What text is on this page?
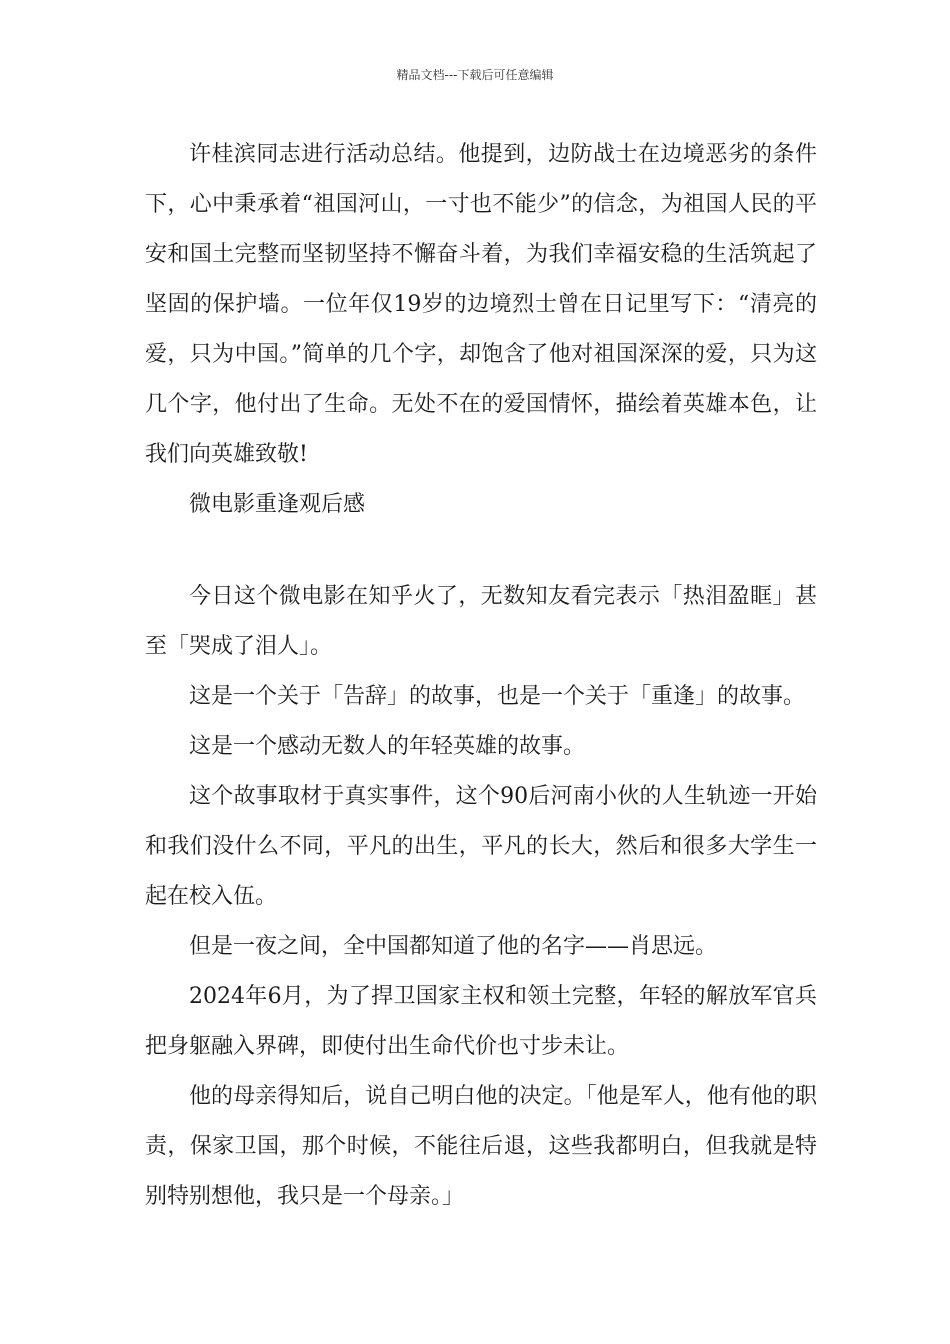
精品文档---下载后可任意编辑

许桂滨同志进行活动总结。他提到，边防战士在边境恶劣的条件下，心中秉承着“祖国河山，一寸也不能少”的信念，为祖国人民的平安和国土完整而坚韧坚持不懈奋斗着，为我们幸福安稳的生活筑起了坚固的保护墙。一位年仅19岁的边境烈士曾在日记里写下：“清亮的爱，只为中国。”简单的几个字，却饱含了他对祖国深深的爱，只为这几个字，他付出了生命。无处不在的爱国情怀，描绘着英雄本色，让我们向英雄致敬!

微电影重逢观后感

今日这个微电影在知乎火了，无数知友看完表示「热泪盈眶」甚至「哭成了泪人」。

这是一个关于「告辞」的故事，也是一个关于「重逢」的故事。

这是一个感动无数人的年轻英雄的故事。

这个故事取材于真实事件，这个90后河南小伙的人生轨迹一开始和我们没什么不同，平凡的出生，平凡的长大，然后和很多大学生一起在校入伍。

但是一夜之间，全中国都知道了他的名字——肖思远。

2024年6月，为了捍卫国家主权和领土完整，年轻的解放军官兵把身躯融入界碑，即使付出生命代价也寸步未让。

他的母亲得知后，说自己明白他的决定。「他是军人，他有他的职责，保家卫国，那个时候，不能往后退，这些我都明白，但我就是特别特别想他，我只是一个母亲。」
